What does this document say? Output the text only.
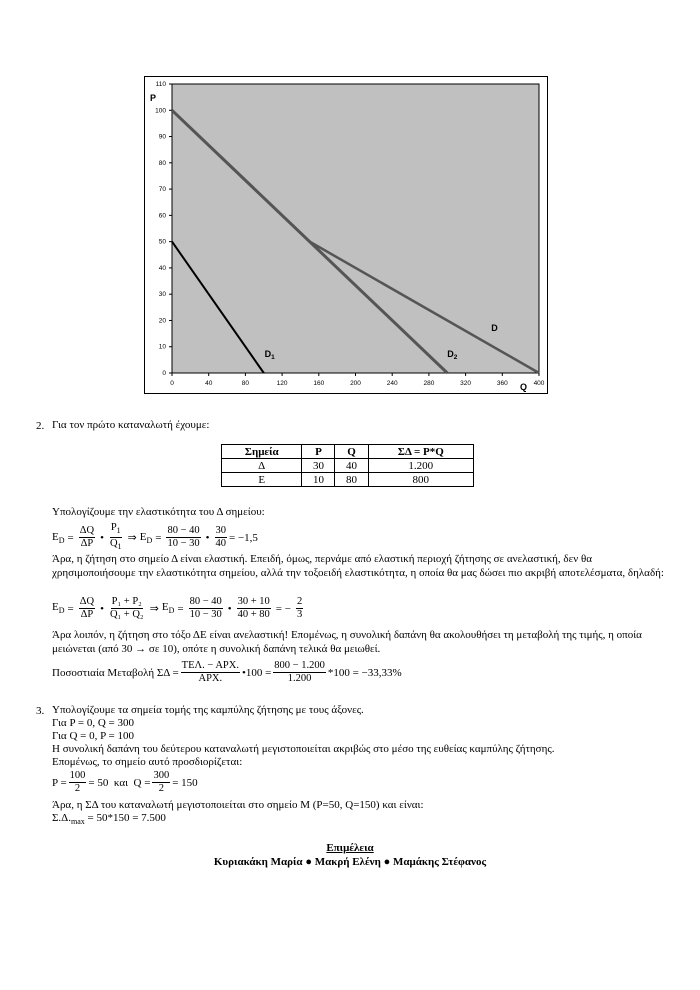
0
10
20
30
40
50
60
70
80
90
100
110
0	40	80	120	160	200	240	280	320	360	400
P
Q
$D_1$	$D_2$
D
2. Για τον πρώτο καταναλωτή έχουμε:
Σημεία	P	Q	ΣΔ = P*Q
Δ	30	40	1.200
Ε	10	80	800
Υπολογίζουμε την ελαστικότητα του Δ σημείου:
$E_D = \frac{\Delta Q}{\Delta P}$ • $\frac{P_1}{Q_1}$ ⇒ $E_D = \frac{80 - 40}{10 - 30}$ • $\frac{30}{40} = -1,5$
Άρα, η ζήτηση στο σημείο Δ είναι ελαστική. Επειδή, όμως, περνάμε από ελαστική περιοχή ζήτησης σε ανελαστική, δεν θα χρησιμοποιήσουμε την ελαστικότητα σημείου, αλλά την τοξοειδή ελαστικότητα, η οποία θα μας δώσει πιο ακριβή αποτελέσματα, δηλαδή:
$E_D = \frac{\Delta Q}{\Delta P}$ • $\frac{\text{P₁ + P₂}}{\text{Q₁ + Q₂}}$ ⇒ $E_D = \frac{80 - 40}{10 - 30}$ • $\frac{30 + 10}{40 + 80}$ = − $\frac{2}{3}$
Άρα λοιπόν, η ζήτηση στο τόξο ΔΕ είναι ανελαστική! Επομένως, η συνολική δαπάνη θα ακολουθήσει τη μεταβολή της τιμής, η οποία μειώνεται (από 30 → σε 10), οπότε η συνολική δαπάνη τελικά θα μειωθεί.
Ποσοστιαία Μεταβολή $\Sigma\Delta = \frac{\text{ΤΕΛ. − ΑΡΧ.}}{\text{ΑΡΧ.}}$ •100 = $\frac{800 - 1.200}{1.200} *100 = -33,33\%$
3. Υπολογίζουμε τα σημεία τομής της καμπύλης ζήτησης με τους άξονες.
Για P = 0, Q = 300
Για Q = 0, P = 100
Η συνολική δαπάνη του δεύτερου καταναλωτή μεγιστοποιείται ακριβώς στο μέσο της ευθείας καμπύλης ζήτησης.
Επομένως, το σημείο αυτό προσδιορίζεται:
$P = \frac{100}{2} = 50$  και  $Q = \frac{300}{2} = 150$
Άρα, η ΣΔ του καταναλωτή μεγιστοποιείται στο σημείο Μ (P=50, Q=150) και είναι:
$\Sigma.\Delta._{max} = 50*150 = 7.500$
Επιμέλεια
Κυριακάκη Μαρία ● Μακρή Ελένη ● Μαμάκης Στέφανος
